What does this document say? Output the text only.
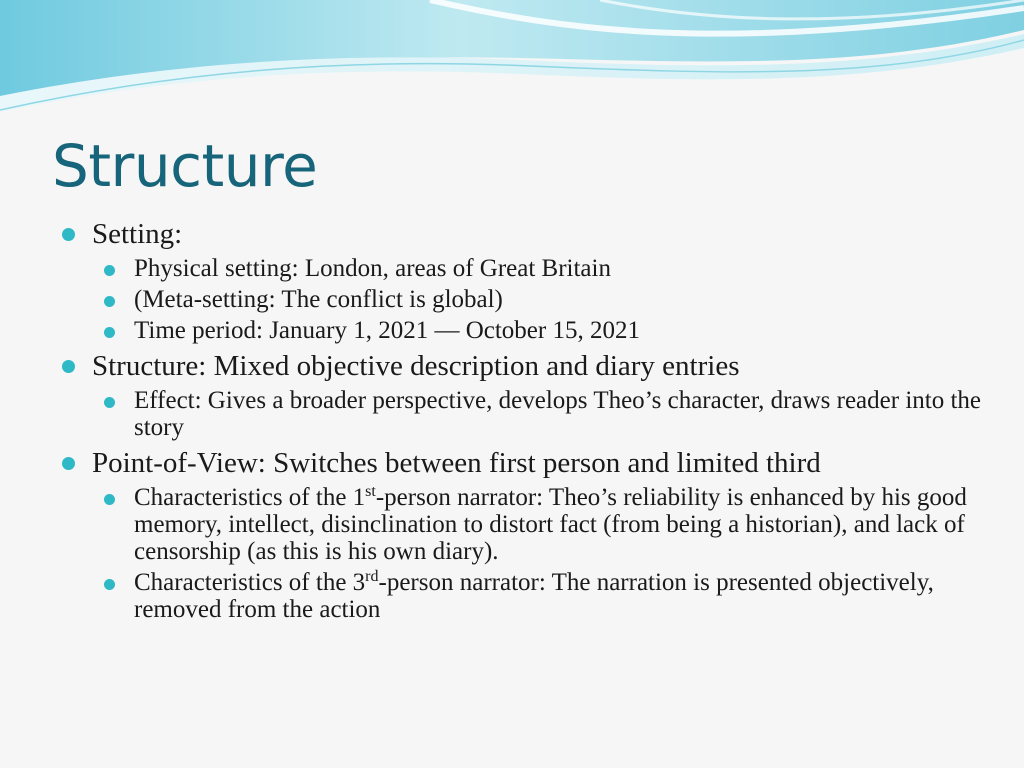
Structure
Setting:
Physical setting: London, areas of Great Britain
(Meta-setting: The conflict is global)
Time period: January 1, 2021 — October 15, 2021
Structure: Mixed objective description and diary entries
Effect: Gives a broader perspective, develops Theo’s character, draws reader into the story
Point-of-View: Switches between first person and limited third
Characteristics of the 1st-person narrator: Theo’s reliability is enhanced by his good memory, intellect, disinclination to distort fact (from being a historian), and lack of censorship (as this is his own diary).
Characteristics of the 3rd-person narrator: The narration is presented objectively, removed from the action
